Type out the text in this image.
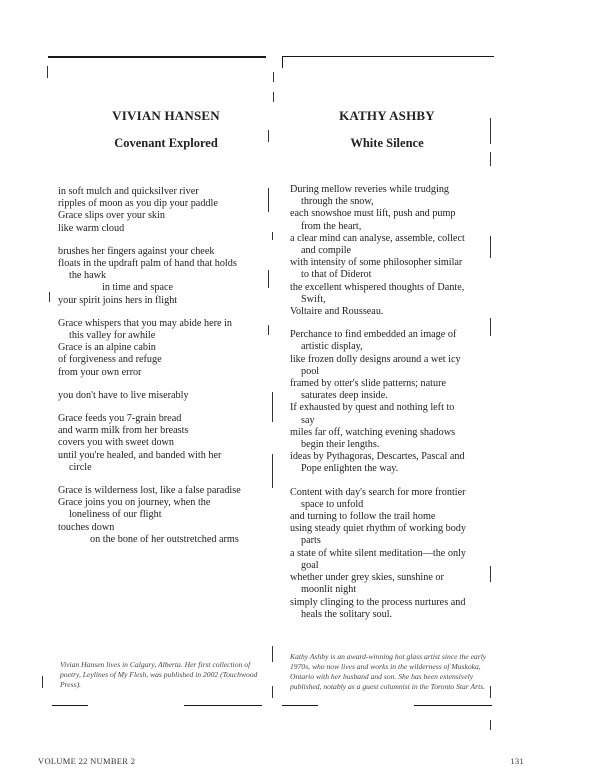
VIVIAN HANSEN
Covenant Explored
in soft mulch and quicksilver river
ripples of moon as you dip your paddle
Grace slips over your skin
like warm cloud
brushes her fingers against your cheek
floats in the updraft palm of hand that holds
the hawk
in time and space
your spirit joins hers in flight
Grace whispers that you may abide here in
this valley for awhile
Grace is an alpine cabin
of forgiveness and refuge
from your own error
you don't have to live miserably
Grace feeds you 7-grain bread
and warm milk from her breasts
covers you with sweet down
until you're healed, and banded with her
circle
Grace is wilderness lost, like a false paradise
Grace joins you on journey, when the
loneliness of our flight
touches down
on the bone of her outstretched arms
Vivian Hansen lives in Calgary, Alberta. Her first collection of poetry, Leylines of My Flesh, was published in 2002 (Touchwood Press).
KATHY ASHBY
White Silence
During mellow reveries while trudging
through the snow,
each snowshoe must lift, push and pump
from the heart,
a clear mind can analyse, assemble, collect
and compile
with intensity of some philosopher similar
to that of Diderot
the excellent whispered thoughts of Dante,
Swift,
Voltaire and Rousseau.
Perchance to find embedded an image of
artistic display,
like frozen dolly designs around a wet icy
pool
framed by otter's slide patterns; nature
saturates deep inside.
If exhausted by quest and nothing left to
say
miles far off, watching evening shadows
begin their lengths.
ideas by Pythagoras, Descartes, Pascal and
Pope enlighten the way.
Content with day's search for more frontier
space to unfold
and turning to follow the trail home
using steady quiet rhythm of working body
parts
a state of white silent meditation—the only
goal
whether under grey skies, sunshine or
moonlit night
simply clinging to the process nurtures and
heals the solitary soul.
Kathy Ashby is an award-winning hot glass artist since the early 1970s, who now lives and works in the wilderness of Muskoka, Ontario with her husband and son. She has been extensively published, notably as a guest columnist in the Toronto Star Arts.
VOLUME 22 NUMBER 2	131
